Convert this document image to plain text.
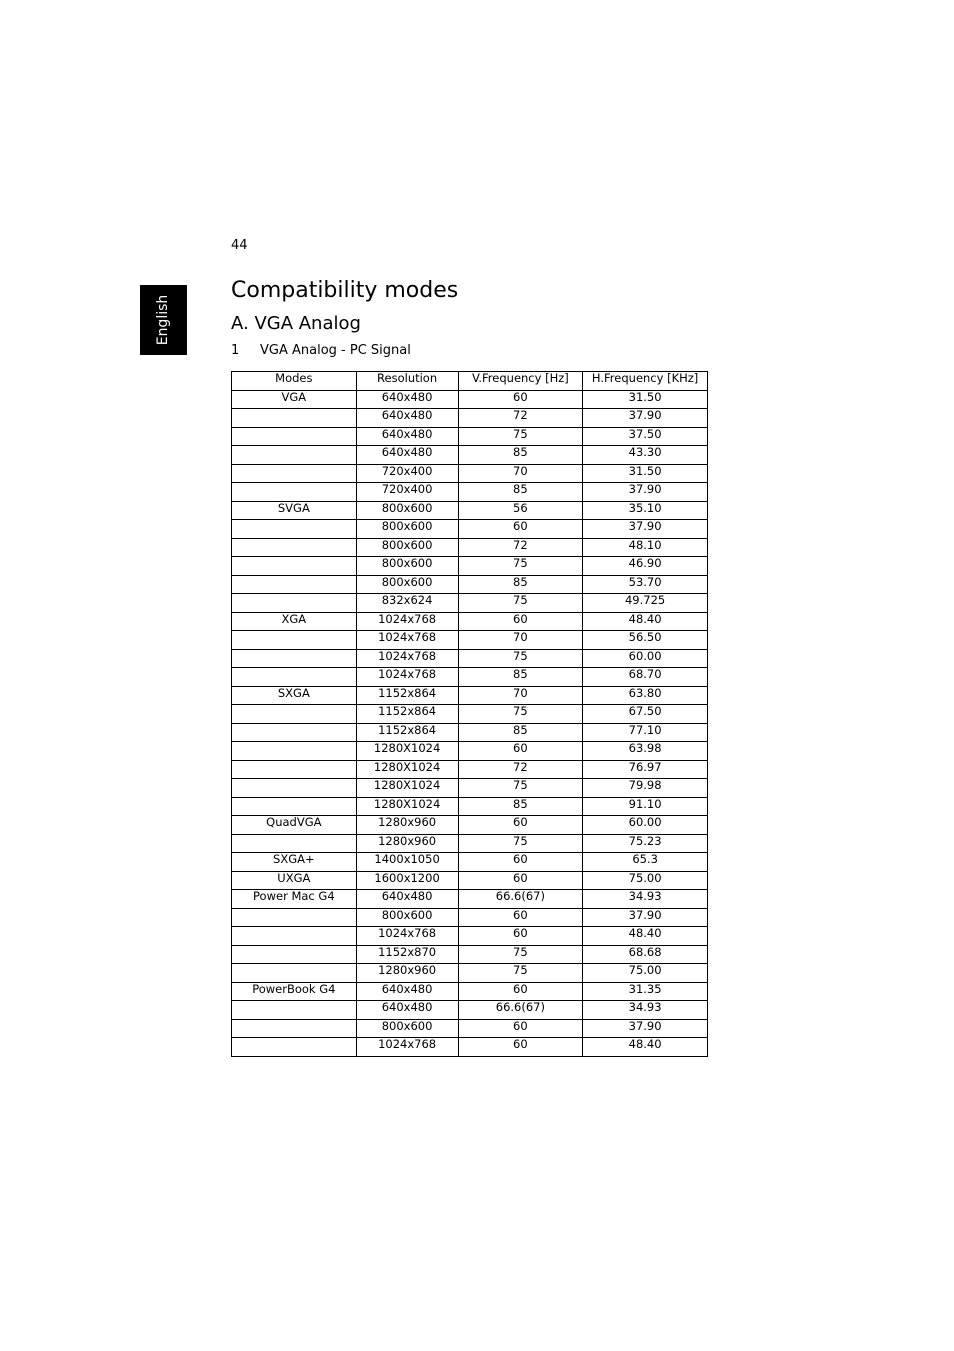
44
English
Compatibility modes
A. VGA Analog
1 VGA Analog - PC Signal
Modes	Resolution	V.Frequency [Hz]	H.Frequency [KHz]
VGA	640x480	60	31.50
	640x480	72	37.90
	640x480	75	37.50
	640x480	85	43.30
	720x400	70	31.50
	720x400	85	37.90
SVGA	800x600	56	35.10
	800x600	60	37.90
	800x600	72	48.10
	800x600	75	46.90
	800x600	85	53.70
	832x624	75	49.725
XGA	1024x768	60	48.40
	1024x768	70	56.50
	1024x768	75	60.00
	1024x768	85	68.70
SXGA	1152x864	70	63.80
	1152x864	75	67.50
	1152x864	85	77.10
	1280X1024	60	63.98
	1280X1024	72	76.97
	1280X1024	75	79.98
	1280X1024	85	91.10
QuadVGA	1280x960	60	60.00
	1280x960	75	75.23
SXGA+	1400x1050	60	65.3
UXGA	1600x1200	60	75.00
Power Mac G4	640x480	66.6(67)	34.93
	800x600	60	37.90
	1024x768	60	48.40
	1152x870	75	68.68
	1280x960	75	75.00
PowerBook G4	640x480	60	31.35
	640x480	66.6(67)	34.93
	800x600	60	37.90
	1024x768	60	48.40
